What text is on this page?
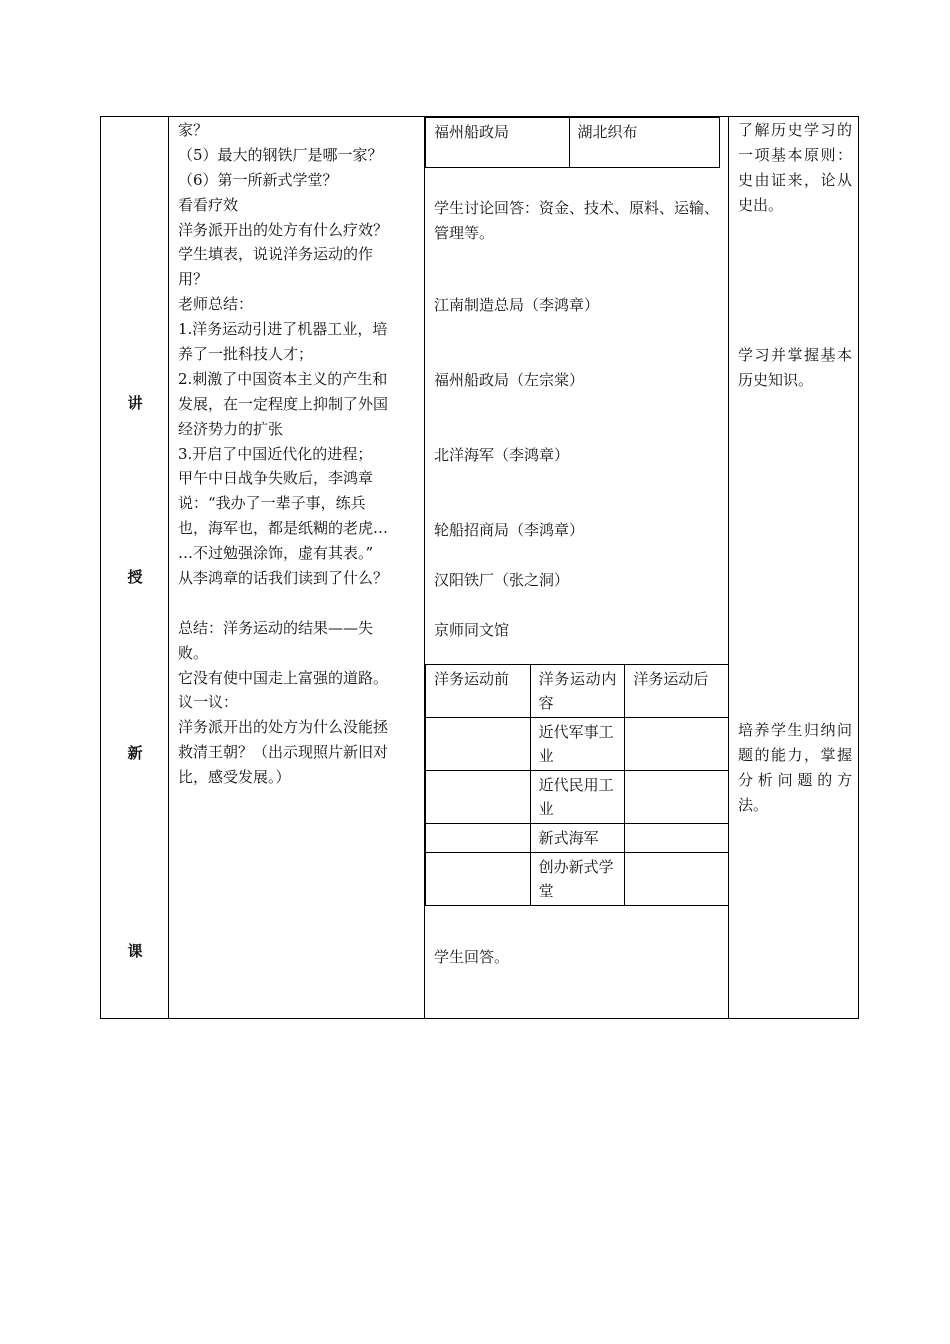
讲
授
新
课
家？
（5）最大的钢铁厂是哪一家？
（6）第一所新式学堂？
看看疗效
洋务派开出的处方有什么疗效？
学生填表，说说洋务运动的作
用？
老师总结：
1.洋务运动引进了机器工业，培
养了一批科技人才；
2.刺激了中国资本主义的产生和
发展，在一定程度上抑制了外国
经济势力的扩张
3.开启了中国近代化的进程；
甲午中日战争失败后，李鸿章
说：“我办了一辈子事，练兵
也，海军也，都是纸糊的老虎…
…不过勉强涂饰，虚有其表。”
从李鸿章的话我们读到了什么？
总结：洋务运动的结果——失
败。
它没有使中国走上富强的道路。
议一议：
洋务派开出的处方为什么没能拯
救清王朝？（出示现照片新旧对
比，感受发展。）
福州船政局	湖北织布
学生讨论回答：资金、技术、原料、运输、管理等。
江南制造总局（李鸿章）
福州船政局（左宗棠）
北洋海军（李鸿章）
轮船招商局（李鸿章）
汉阳铁厂（张之洞）
京师同文馆
洋务运动前	洋务运动内容	洋务运动后
	近代军事工业	
	近代民用工业	
	新式海军	
	创办新式学堂	
学生回答。
了解历史学习的一项基本原则：史由证来，论从史出。
学习并掌握基本历史知识。
培养学生归纳问题的能力，掌握分析问题的方法。
